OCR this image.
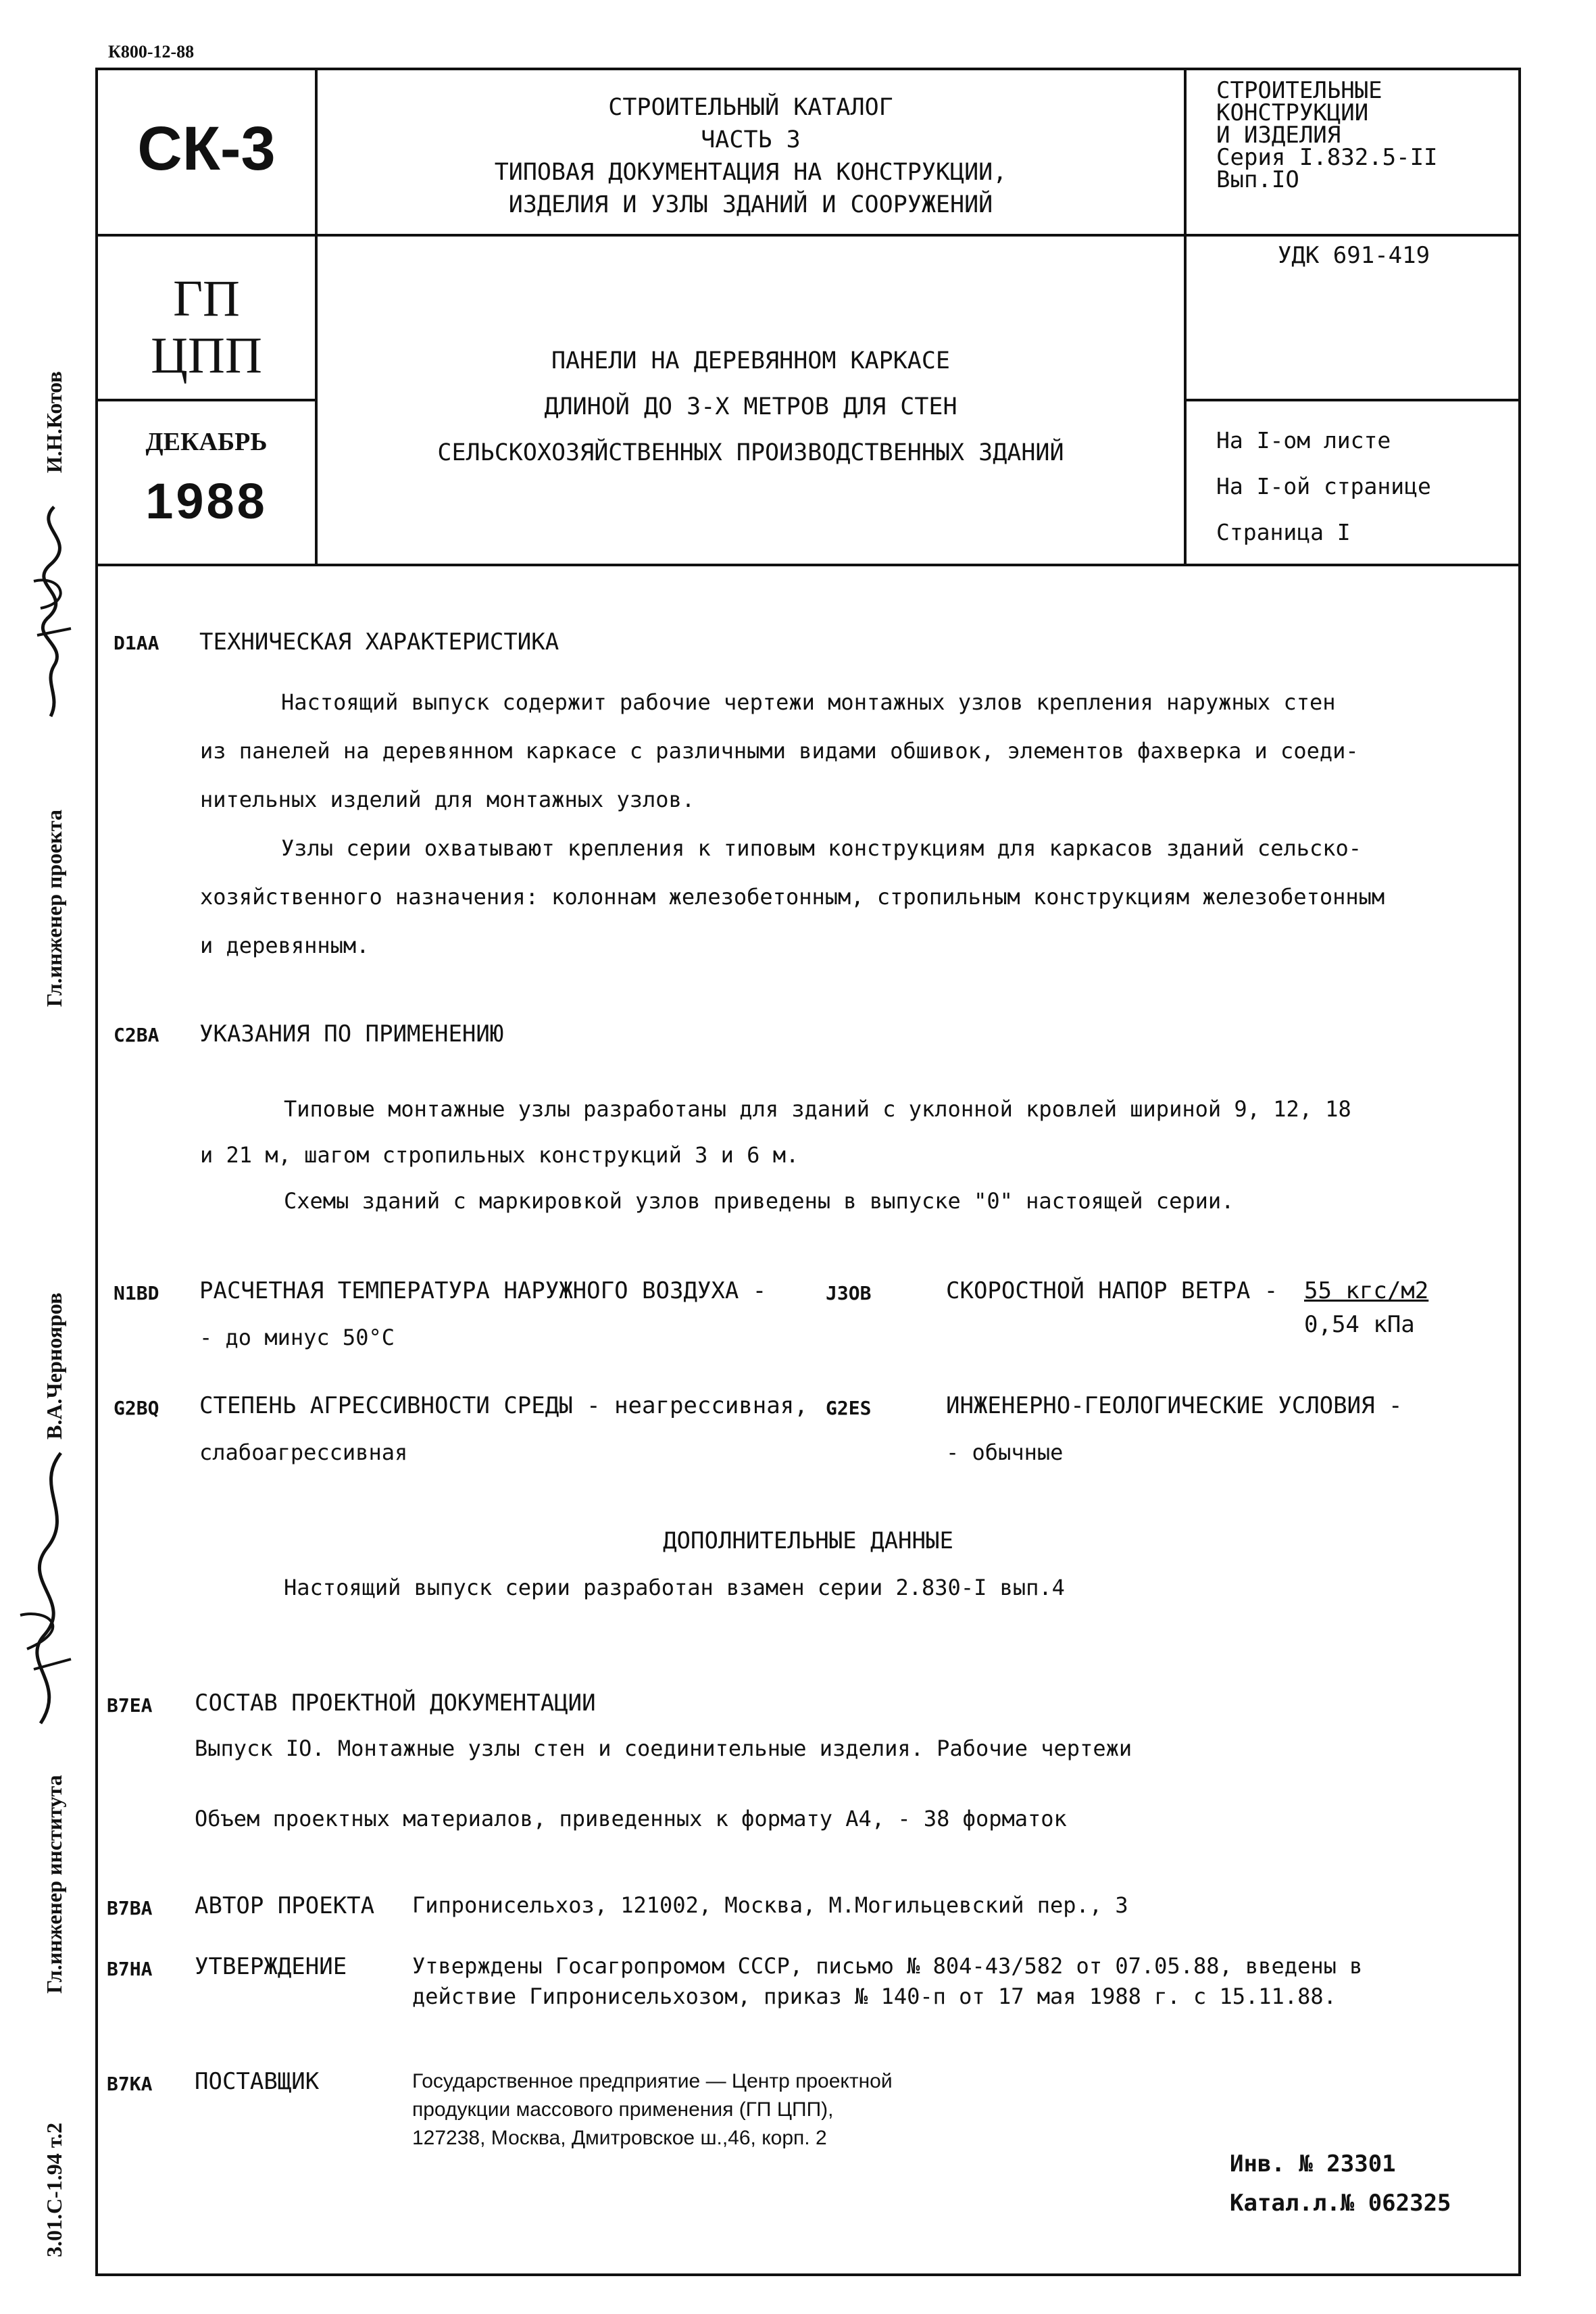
К800-12-88
СК-3
ГП
ЦПП
ДЕКАБРЬ
1988
СТРОИТЕЛЬНЫЙ КАТАЛОГ
ЧАСТЬ 3
ТИПОВАЯ ДОКУМЕНТАЦИЯ НА КОНСТРУКЦИИ,
ИЗДЕЛИЯ И УЗЛЫ ЗДАНИЙ И СООРУЖЕНИЙ
ПАНЕЛИ НА ДЕРЕВЯННОМ КАРКАСЕ
ДЛИНОЙ ДО 3-Х МЕТРОВ ДЛЯ СТЕН
СЕЛЬСКОХОЗЯЙСТВЕННЫХ ПРОИЗВОДСТВЕННЫХ ЗДАНИЙ
СТРОИТЕЛЬНЫЕ
КОНСТРУКЦИИ
И ИЗДЕЛИЯ
Серия I.832.5-II
Вып.IO
УДК 691-419
На I-ом листе
На I-ой странице
Страница I
D1AA ТЕХНИЧЕСКАЯ ХАРАКТЕРИСТИКА
Настоящий выпуск содержит рабочие чертежи монтажных узлов крепления наружных стен
из панелей на деревянном каркасе с различными видами обшивок, элементов фахверка и соеди-
нительных изделий для монтажных узлов.
Узлы серии охватывают крепления к типовым конструкциям для каркасов зданий сельско-
хозяйственного назначения: колоннам железобетонным, стропильным конструкциям железобетонным
и деревянным.
C2BA УКАЗАНИЯ ПО ПРИМЕНЕНИЮ
Типовые монтажные узлы разработаны для зданий с уклонной кровлей шириной 9, 12, 18
и 21 м, шагом стропильных конструкций 3 и 6 м.
Схемы зданий с маркировкой узлов приведены в выпуске "0" настоящей серии.
N1BD РАСЧЕТНАЯ ТЕМПЕРАТУРА НАРУЖНОГО ВОЗДУХА -
- до минус 50°С
J3OB	СКОРОСТНОЙ НАПОР ВЕТРА - 55 кгс/м2
0,54 кПа
G2BQ СТЕПЕНЬ АГРЕССИВНОСТИ СРЕДЫ - неагрессивная,
слабоагрессивная
G2ES	ИНЖЕНЕРНО-ГЕОЛОГИЧЕСКИЕ УСЛОВИЯ -
- обычные
ДОПОЛНИТЕЛЬНЫЕ ДАННЫЕ
Настоящий выпуск серии разработан взамен серии 2.830-I вып.4
B7EA СОСТАВ ПРОЕКТНОЙ ДОКУМЕНТАЦИИ
Выпуск IO. Монтажные узлы стен и соединительные изделия. Рабочие чертежи
Объем проектных материалов, приведенных к формату А4, - 38 форматок
B7BA АВТОР ПРОЕКТА Гипронисельхоз, 121002, Москва, М.Могильцевский пер., 3
B7HA УТВЕРЖДЕНИЕ	Утверждены Госагропромом СССР, письмо № 804-43/582 от 07.05.88, введены в
действие Гипронисельхозом, приказ № 140-п от 17 мая 1988 г. с 15.11.88.
B7KA ПОСТАВЩИК	Государственное предприятие — Центр проектной
продукции массового применения (ГП ЦПП),
127238, Москва, Дмитровское ш.,46, корп. 2
Инв. № 23301
Катал.л.№ 062325
И.Н.Котов
Гл.инженер проекта
В.А.Чернояров
Гл.инженер института
3.01.С-1.94 т.2
